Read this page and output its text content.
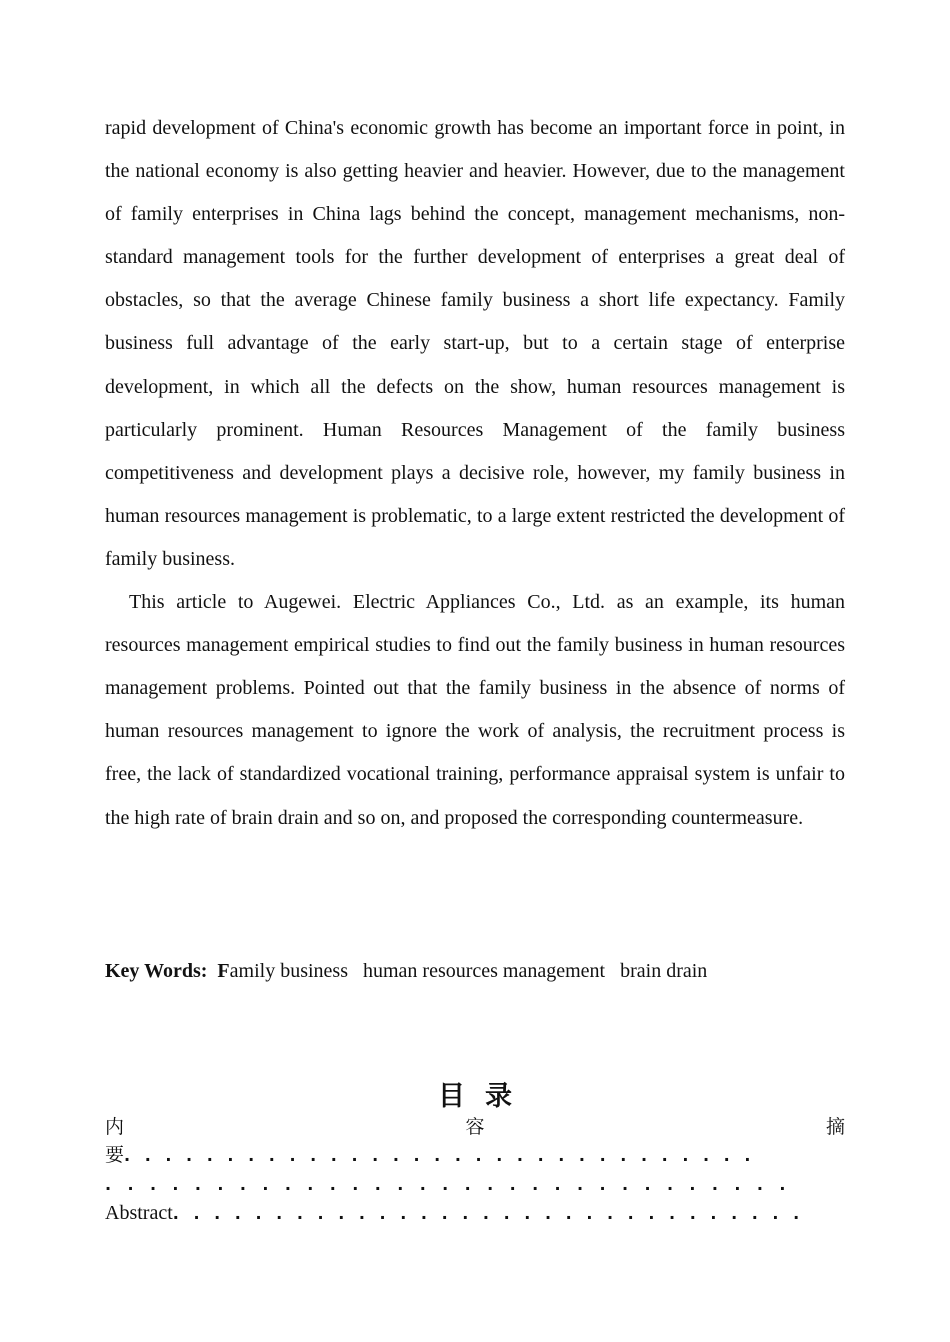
rapid development of China's economic growth has become an important force in point, in the national economy is also getting heavier and heavier. However, due to the management of family enterprises in China lags behind the concept, management mechanisms, non-standard management tools for the further development of enterprises a great deal of obstacles, so that the average Chinese family business a short life expectancy. Family business full advantage of the early start-up, but to a certain stage of enterprise development, in which all the defects on the show, human resources management is particularly prominent. Human Resources Management of the family business competitiveness and development plays a decisive role, however, my family business in human resources management is problematic, to a large extent restricted the development of family business.

This article to Augewei. Electric Appliances Co., Ltd. as an example, its human resources management empirical studies to find out the family business in human resources management problems. Pointed out that the family business in the absence of norms of human resources management to ignore the work of analysis, the recruitment process is free, the lack of standardized vocational training, performance appraisal system is unfair to the high rate of brain drain and so on, and proposed the corresponding countermeasure.

Key Words: Family business   human resources management   brain drain
目录
内	容	摘
要 ...............................
...............................
Abstract ...............................
